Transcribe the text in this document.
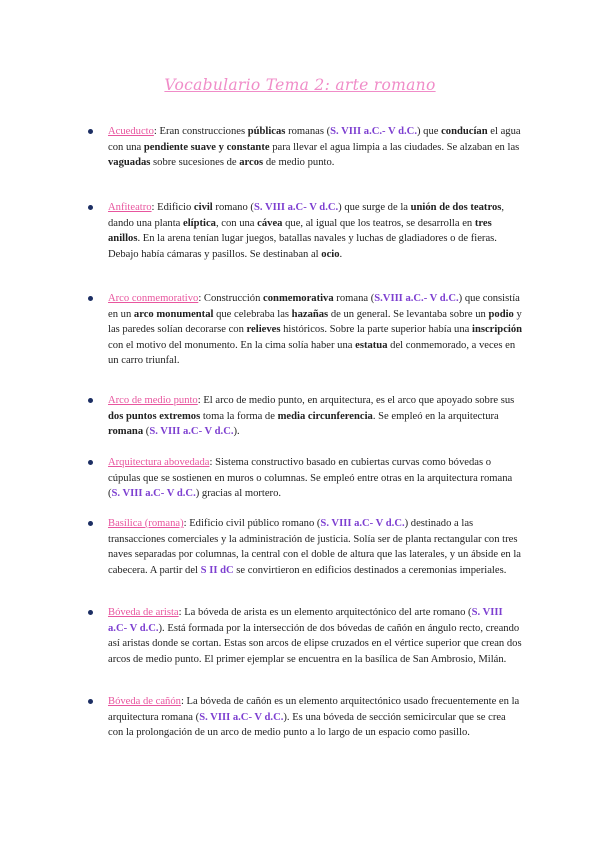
Vocabulario Tema 2: arte romano
Acueducto: Eran construcciones públicas romanas (S. VIII a.C.- V d.C.) que conducían el agua con una pendiente suave y constante para llevar el agua limpia a las ciudades. Se alzaban en las vaguadas sobre sucesiones de arcos de medio punto.
Anfiteatro: Edificio civil romano (S. VIII a.C- V d.C.) que surge de la unión de dos teatros, dando una planta elíptica, con una cávea que, al igual que los teatros, se desarrolla en tres anillos. En la arena tenían lugar juegos, batallas navales y luchas de gladiadores o de fieras. Debajo había cámaras y pasillos. Se destinaban al ocio.
Arco conmemorativo: Construcción conmemorativa romana (S.VIII a.C.- V d.C.) que consistía en un arco monumental que celebraba las hazañas de un general. Se levantaba sobre un podio y las paredes solían decorarse con relieves históricos. Sobre la parte superior había una inscripción con el motivo del monumento. En la cima solía haber una estatua del conmemorado, a veces en un carro triunfal.
Arco de medio punto: El arco de medio punto, en arquitectura, es el arco que apoyado sobre sus dos puntos extremos toma la forma de media circunferencia. Se empleó en la arquitectura romana (S. VIII a.C- V d.C.).
Arquitectura abovedada: Sistema constructivo basado en cubiertas curvas como bóvedas o cúpulas que se sostienen en muros o columnas. Se empleó entre otras en la arquitectura romana (S. VIII a.C- V d.C.) gracias al mortero.
Basílica (romana): Edificio civil público romano (S. VIII a.C- V d.C.) destinado a las transacciones comerciales y la administración de justicia. Solía ser de planta rectangular con tres naves separadas por columnas, la central con el doble de altura que las laterales, y un ábside en la cabecera. A partir del S II dC se convirtieron en edificios destinados a ceremonias imperiales.
Bóveda de arista: La bóveda de arista es un elemento arquitectónico del arte romano (S. VIII a.C- V d.C.). Está formada por la intersección de dos bóvedas de cañón en ángulo recto, creando así aristas donde se cortan. Estas son arcos de elipse cruzados en el vértice superior que crean dos arcos de medio punto. El primer ejemplar se encuentra en la basílica de San Ambrosio, Milán.
Bóveda de cañón: La bóveda de cañón es un elemento arquitectónico usado frecuentemente en la arquitectura romana (S. VIII a.C- V d.C.). Es una bóveda de sección semicircular que se crea con la prolongación de un arco de medio punto a lo largo de un espacio como pasillo.
